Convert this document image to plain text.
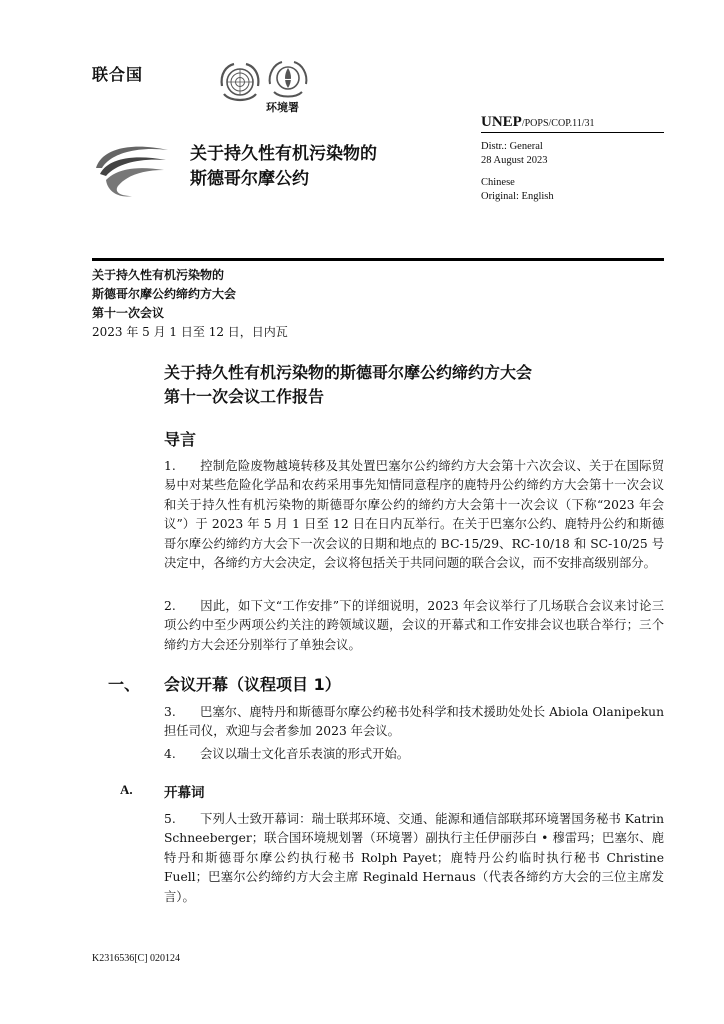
联合国
环境署
UNEP/POPS/COP.11/31
关于持久性有机污染物的
斯德哥尔摩公约
Distr.: General
28 August 2023
Chinese
Original: English
关于持久性有机污染物的
斯德哥尔摩公约缔约方大会
第十一次会议
2023 年 5 月 1 日至 12 日，日内瓦
关于持久性有机污染物的斯德哥尔摩公约缔约方大会
第十一次会议工作报告
导言
1. 控制危险废物越境转移及其处置巴塞尔公约缔约方大会第十六次会议、关于在国际贸易中对某些危险化学品和农药采用事先知情同意程序的鹿特丹公约缔约方大会第十一次会议和关于持久性有机污染物的斯德哥尔摩公约的缔约方大会第十一次会议（下称“2023 年会议”）于 2023 年 5 月 1 日至 12 日在日内瓦举行。在关于巴塞尔公约、鹿特丹公约和斯德哥尔摩公约缔约方大会下一次会议的日期和地点的 BC-15/29、RC-10/18 和 SC-10/25 号决定中，各缔约方大会决定，会议将包括关于共同问题的联合会议，而不安排高级别部分。
2. 因此，如下文“工作安排”下的详细说明，2023 年会议举行了几场联合会议来讨论三项公约中至少两项公约关注的跨领域议题，会议的开幕式和工作安排会议也联合举行；三个缔约方大会还分别举行了单独会议。
一、 会议开幕（议程项目 1）
3. 巴塞尔、鹿特丹和斯德哥尔摩公约秘书处科学和技术援助处处长 Abiola Olanipekun 担任司仪，欢迎与会者参加 2023 年会议。
4. 会议以瑞士文化音乐表演的形式开始。
A. 开幕词
5. 下列人士致开幕词：瑞士联邦环境、交通、能源和通信部联邦环境署国务秘书 Katrin Schneeberger；联合国环境规划署（环境署）副执行主任伊丽莎白 • 穆雷玛；巴塞尔、鹿特丹和斯德哥尔摩公约执行秘书 Rolph Payet；鹿特丹公约临时执行秘书 Christine Fuell；巴塞尔公约缔约方大会主席 Reginald Hernaus（代表各缔约方大会的三位主席发言）。
K2316536[C] 020124
